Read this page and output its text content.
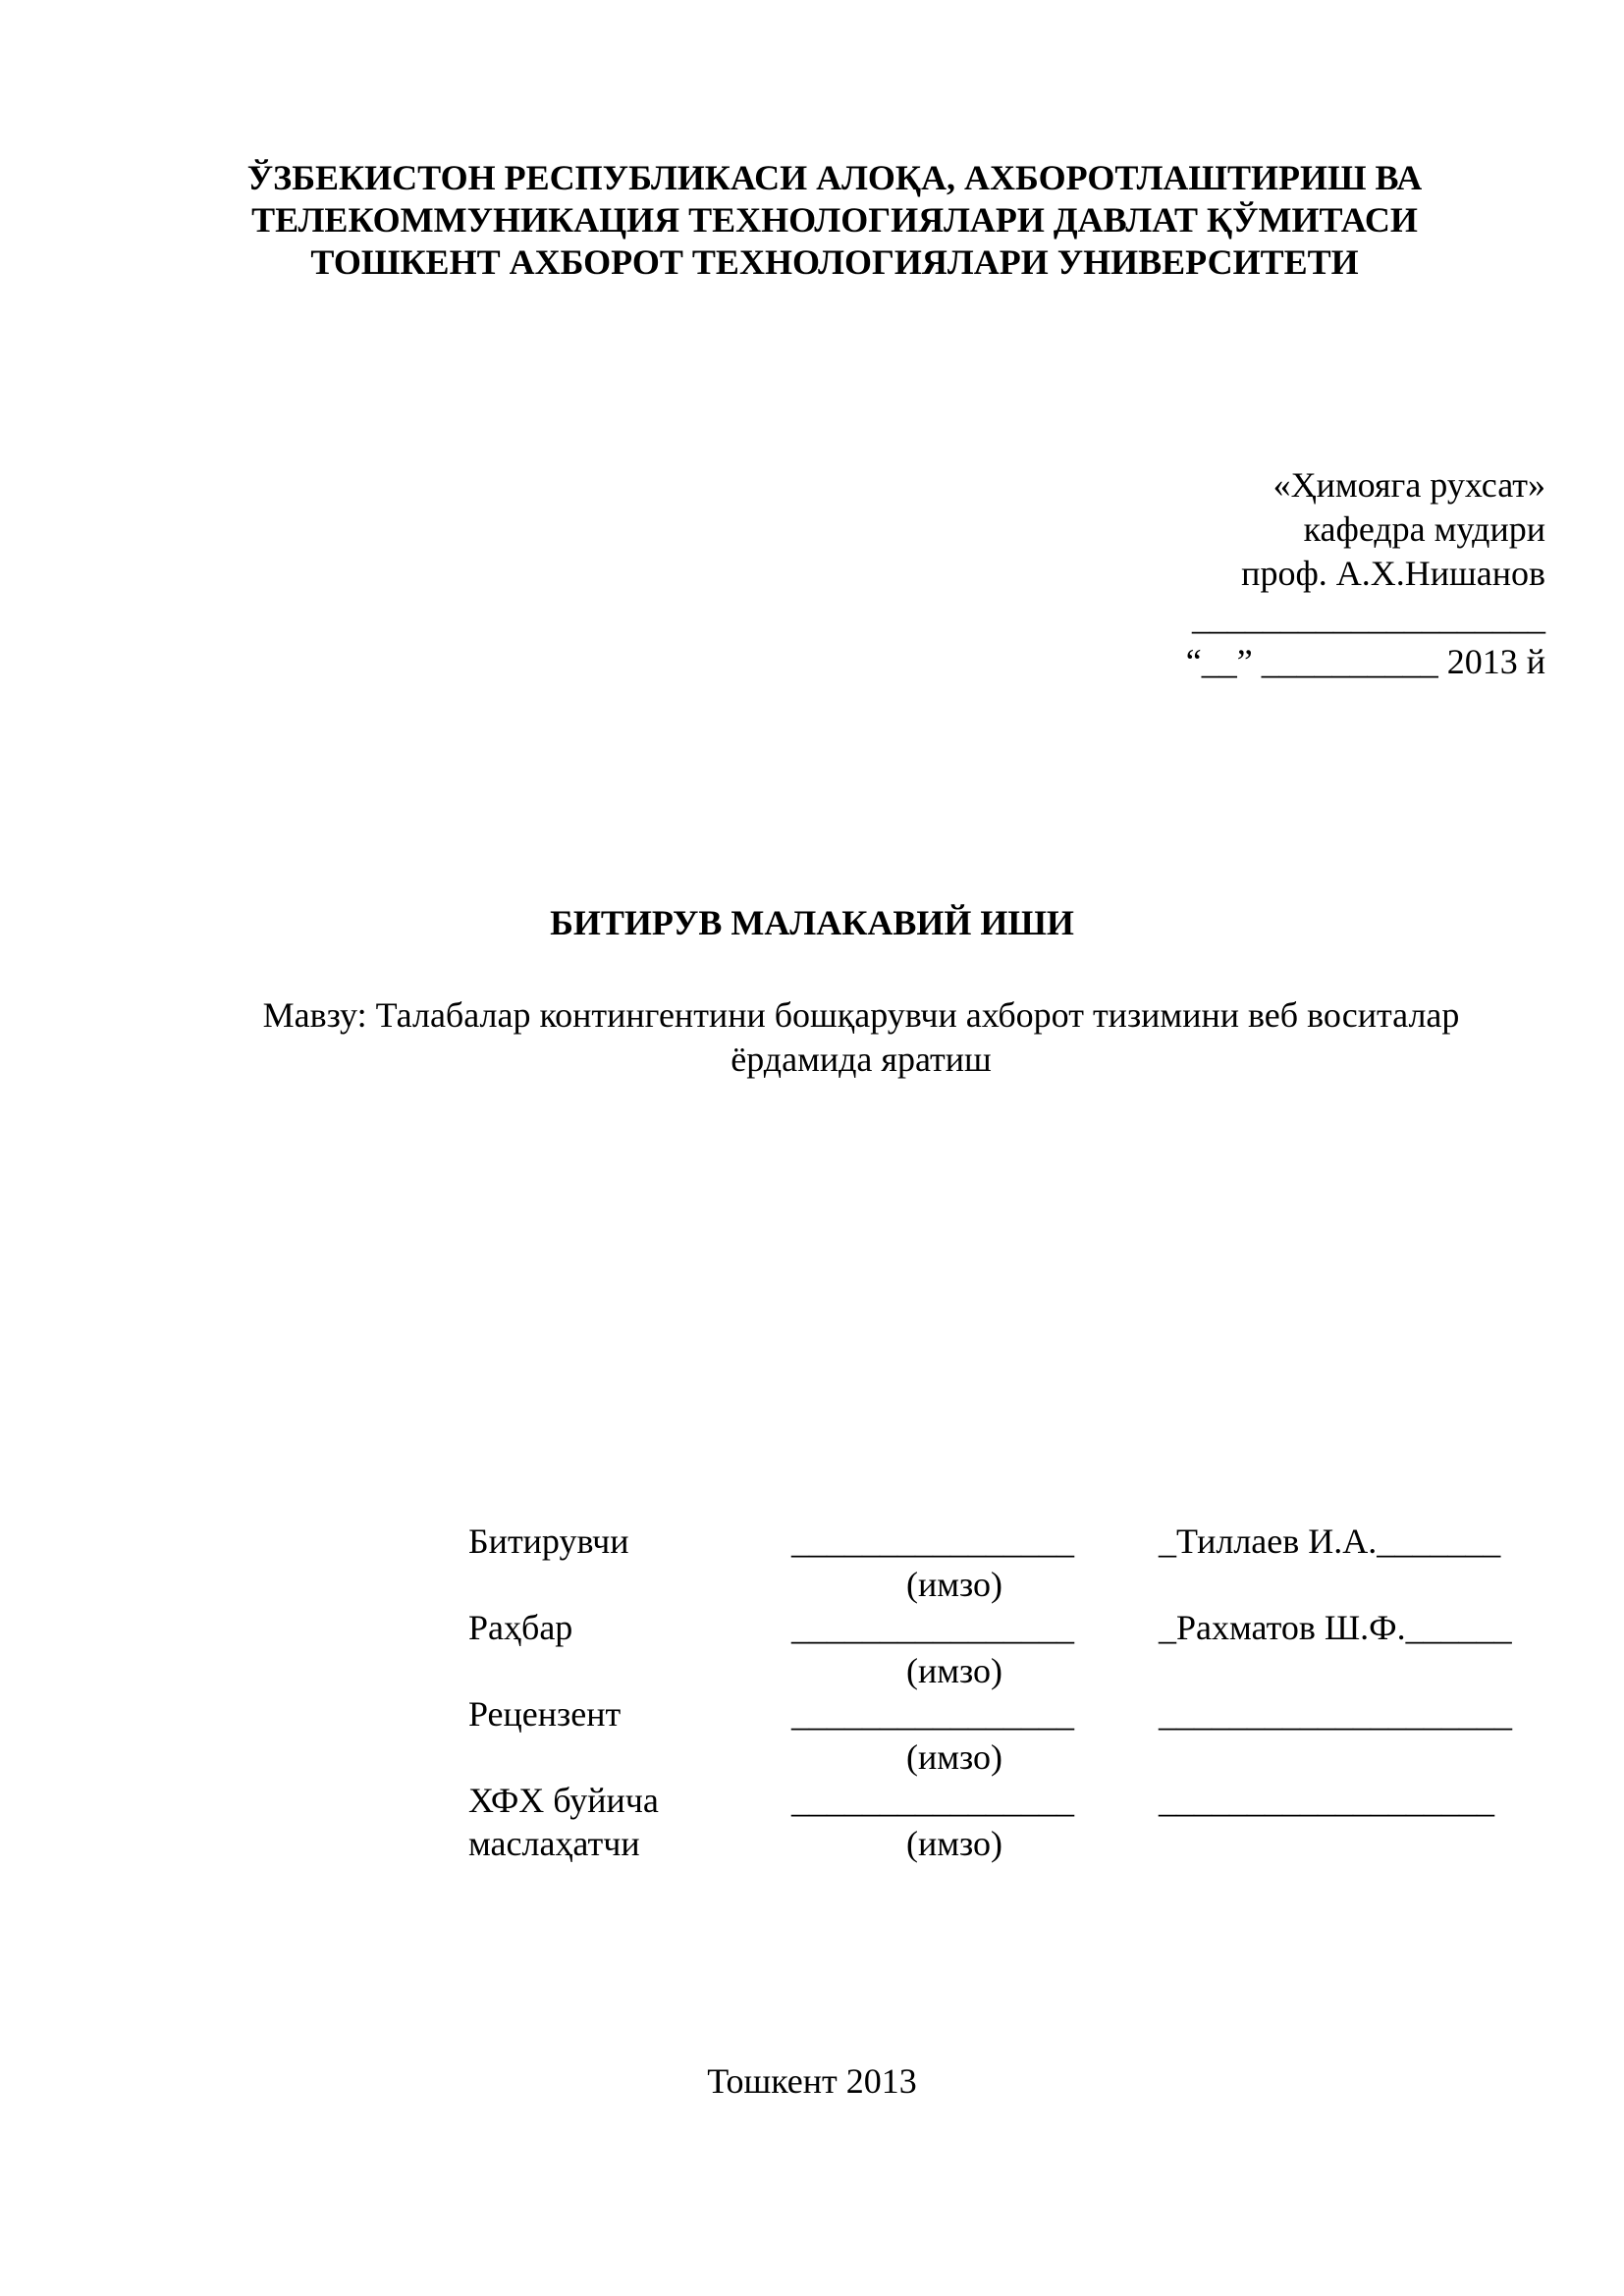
ЎЗБЕКИСТОН РЕСПУБЛИКАСИ АЛОҚА, АХБОРОТЛАШТИРИШ ВА
ТЕЛЕКОММУНИКАЦИЯ ТЕХНОЛОГИЯЛАРИ ДАВЛАТ ҚЎМИТАСИ
ТОШКЕНТ АХБОРОТ ТЕХНОЛОГИЯЛАРИ УНИВЕРСИТЕТИ
«Ҳимояга рухсат»
кафедра мудири
проф. А.Х.Нишанов
____________________
“__” __________ 2013 й
БИТИРУВ МАЛАКАВИЙ ИШИ
Мавзу: Талабалар контингентини бошқарувчи ахборот тизимини веб воситалар
ёрдамида яратиш
Битирувчи	________________ _Тиллаев И.А._______
(имзо)
Раҳбар	________________ _Рахматов Ш.Ф.______
(имзо)
Рецензент	________________ ____________________
(имзо)
ХФХ буйича	________________ ___________________
маслаҳатчи	(имзо)
Тошкент 2013
